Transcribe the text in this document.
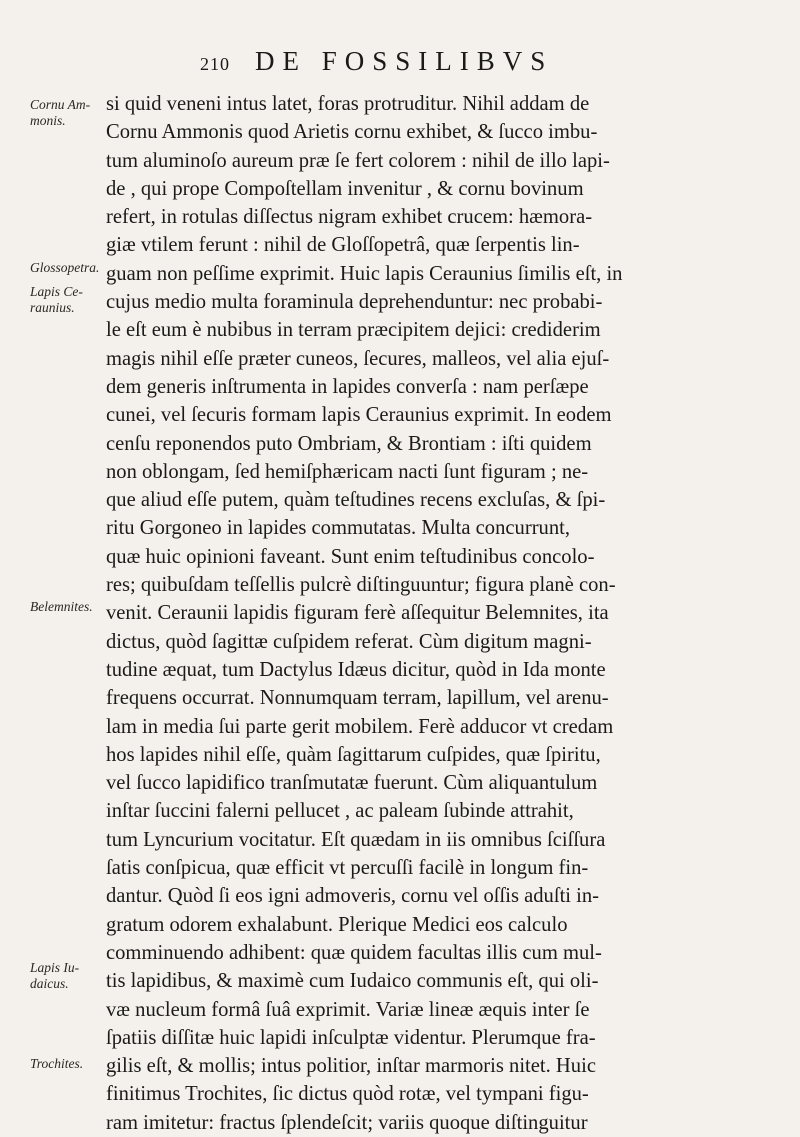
210 DE FOSSILIBVS
Cornu Am-
monis.
Glossopetra.
Lapis Ce-
raunius.
Belemnites.
Lapis Iu-
daicus.
Trochites.
si quid veneni intus latet, foras protruditur. Nihil addam de
Cornu Ammonis quod Arietis cornu exhibet, & ſucco imbu-
tum aluminoſo aureum præ ſe fert colorem : nihil de illo lapi-
de , qui prope Compoſtellam invenitur , & cornu bovinum
refert, in rotulas diſſectus nigram exhibet crucem: hæmora-
giæ vtilem ferunt : nihil de Gloſſopetrâ, quæ ſerpentis lin-
guam non peſſime exprimit. Huic lapis Ceraunius ſimilis eſt, in
cujus medio multa foraminula deprehenduntur: nec probabi-
le eſt eum è nubibus in terram præcipitem dejici: crediderim
magis nihil eſſe præter cuneos, ſecures, malleos, vel alia ejuſ-
dem generis inſtrumenta in lapides converſa : nam perſæpe
cunei, vel ſecuris formam lapis Ceraunius exprimit. In eodem
cenſu reponendos puto Ombriam, & Brontiam : iſti quidem
non oblongam, ſed hemiſphæricam nacti ſunt figuram ; ne-
que aliud eſſe putem, quàm teſtudines recens excluſas, & ſpi-
ritu Gorgoneo in lapides commutatas. Multa concurrunt,
quæ huic opinioni faveant. Sunt enim teſtudinibus concolo-
res; quibuſdam teſſellis pulcrè diſtinguuntur; figura planè con-
venit. Ceraunii lapidis figuram ferè aſſequitur Belemnites, ita
dictus, quòd ſagittæ cuſpidem referat. Cùm digitum magni-
tudine æquat, tum Dactylus Idæus dicitur, quòd in Ida monte
frequens occurrat. Nonnumquam terram, lapillum, vel arenu-
lam in media ſui parte gerit mobilem. Ferè adducor vt credam
hos lapides nihil eſſe, quàm ſagittarum cuſpides, quæ ſpiritu,
vel ſucco lapidifico tranſmutatæ fuerunt. Cùm aliquantulum
inſtar ſuccini falerni pellucet , ac paleam ſubinde attrahit,
tum Lyncurium vocitatur. Eſt quædam in iis omnibus ſciſſura
ſatis conſpicua, quæ efficit vt percuſſi facilè in longum fin-
dantur. Quòd ſi eos igni admoveris, cornu vel oſſis aduſti in-
gratum odorem exhalabunt. Plerique Medici eos calculo
comminuendo adhibent: quæ quidem facultas illis cum mul-
tis lapidibus, & maximè cum Iudaico communis eſt, qui oli-
væ nucleum formâ ſuâ exprimit. Variæ lineæ æquis inter ſe
ſpatiis diſſitæ huic lapidi inſculptæ videntur. Plerumque fra-
gilis eſt, & mollis; intus politior, inſtar marmoris nitet. Huic
finitimus Trochites, ſic dictus quòd rotæ, vel tympani figu-
ram imitetur: fractus ſplendeſcit; variis quoque diſtinguitur
